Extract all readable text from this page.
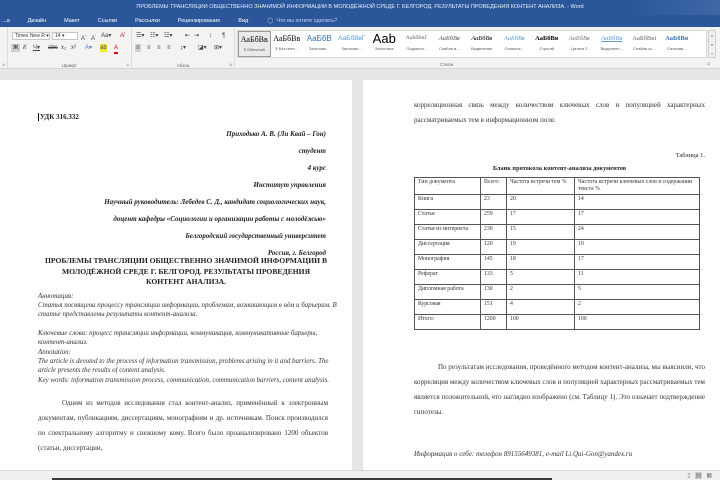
ПРОБЛЕМЫ ТРАНСЛЯЦИИ ОБЩЕСТВЕННО ЗНАЧИМОЙ ИНФОРМАЦИИ В МОЛОДЁЖНОЙ СРЕДЕ Г. БЕЛГОРОД. РЕЗУЛЬТАТЫ ПРОВЕДЕНИЯ КОНТЕНТ АНАЛИЗА. - Word
...а	Дизайн	Макет	Ссылки	Рассылки	Рецензирование	Вид	◯ Что вы хотите сделать?
⇲
Times New R ▾	14 ▾	A^ $A^ˇ$ Aa▾ A̸
Ж К Ч▾ abc x₂ x² A▾ ab A
Шрифт	⇲
☰▾ ☷▾ ☳▾ ⇤ ⇥ ↕ ¶
≡ ≡ ≡ ≡ ↨▾ ◪▾ ⊞▾
Абзац	⇲
АаБбВв
¶ Обычный
АаБбВв
¶ Без инте...
АаБбВ
Заголово...
АаБбВвГ
Заголово...
Aab
Заголовок
АаБбВвГ
Подзагол...
АаБбВв
Слабое в...
АаБбВв
Выделение
АаБбВв
Сильное...
АаБбВв
Строгий
АаБбВв
Цитата 2
АаБбВв
Выделенн...
АаБбВві
Слабая сс...
АаБбВв
Сильная...
▴
▾
▿
Стили	⇲
УДК 316.332
Приходько А. В. (Ли Квай – Гон)
студент
4 курс
Институт управления
Научный руководитель: Лебедев С. Д., кандидат социологических наук,
доцент кафедры «Социологии и организации работы с молодёжью»
Белгородский государственный университет
Россия, г. Белгород
ПРОБЛЕМЫ ТРАНСЛЯЦИИ ОБЩЕСТВЕННО ЗНАЧИМОЙ ИНФОРМАЦИИ В МОЛОДЁЖНОЙ СРЕДЕ Г. БЕЛГОРОД. РЕЗУЛЬТАТЫ ПРОВЕДЕНИЯ КОНТЕНТ АНАЛИЗА.
Аннотация:
Статья посвящена процессу трансляции информации, проблемам, возникающим в нём и барьерам. В статье представлены результаты контент-анализа.
Ключевые слова: процесс трансляции информации, коммуникация, коммуникативные барьеры, контент-анализ.
Annotation:
The article is devoted to the process of information transmission, problems arising in it and barriers. The article presents the results of content analysis.
Key words: information transmission process, communication, communication barriers, content analysis.

Одним из методов исследования стал контент-анализ, применённый к электронным документам, публикациям, диссертациям, монографиям и др. источникам. Поиск производился по спектральному алгоритму и снежному кому. Всего было проанализировано 1200 объектов (статьи, диссертации,

корреляционная связь между количеством ключевых слов и популяцией характерных рассматриваемых тем в информационном поле.

Таблица 1.
Бланк протокола контент-анализа документов
Тип документа	Всего:	Частота встречи тем %	Частота встречи ключевых слов в содержании текста %
Книга	23	20	14
Статья	259	17	17
Статья из интернета	230	15	24
Диссертация	120	19	10
Монография	145	18	17
Реферат	133	5	11
Дипломная работа	130	2	5
Курсовая	151	4	2
Итого:	1200	100	100

По результатам исследования, проведённого методом контент-анализа, мы выяснили, что корреляция между количеством ключевых слов и популяцией характерных рассматриваемых тем является положительной, что наглядно изображено (см. Таблицу 1). Это означает подтверждение гипотезы.

Информация о себе: телефон 89155649381, e-mail Li.Qui-Gon@yandex.ru
▯ ▤ ▦
